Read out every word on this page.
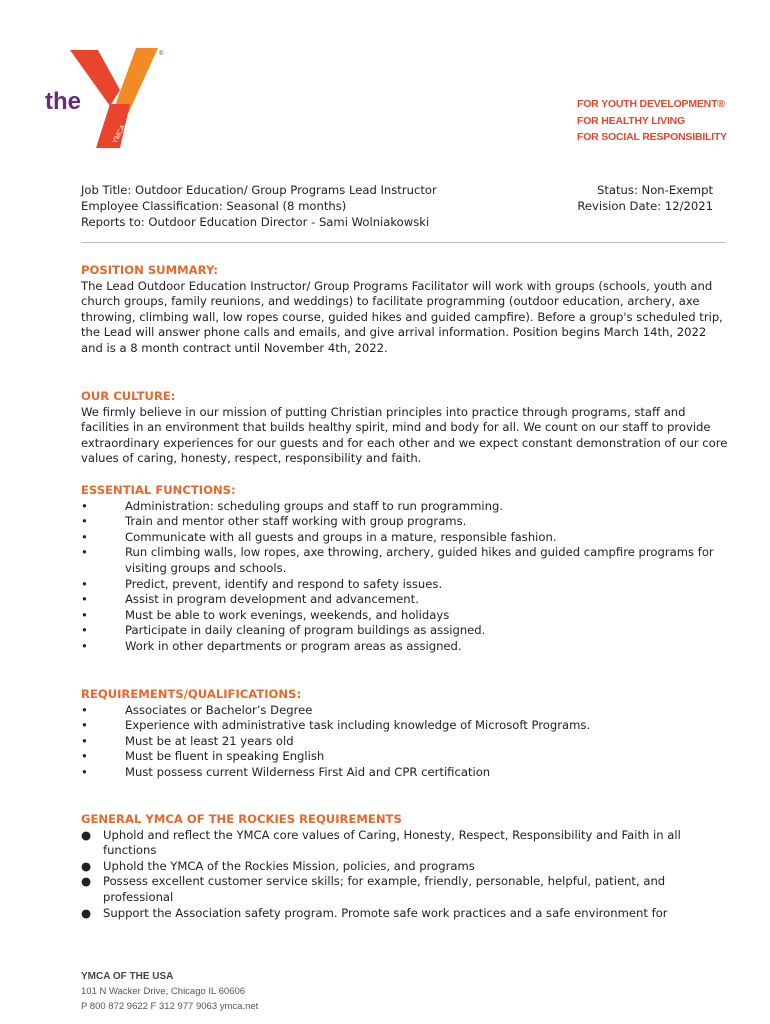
the
YMCA
®
FOR YOUTH DEVELOPMENT®
FOR HEALTHY LIVING
FOR SOCIAL RESPONSIBILITY
Job Title: Outdoor Education/ Group Programs Lead Instructor
Employee Classification: Seasonal (8 months)
Reports to: Outdoor Education Director - Sami Wolniakowski
Status: Non-Exempt
Revision Date: 12/2021
POSITION SUMMARY:

The Lead Outdoor Education Instructor/ Group Programs Facilitator will work with groups (schools, youth and church groups, family reunions, and weddings) to facilitate programming (outdoor education, archery, axe throwing, climbing wall, low ropes course, guided hikes and guided campfire). Before a group's scheduled trip, the Lead will answer phone calls and emails, and give arrival information. Position begins March 14th, 2022 and is a 8 month contract until November 4th, 2022.

OUR CULTURE:

We firmly believe in our mission of putting Christian principles into practice through programs, staff and facilities in an environment that builds healthy spirit, mind and body for all. We count on our staff to provide extraordinary experiences for our guests and for each other and we expect constant demonstration of our core values of caring, honesty, respect, responsibility and faith.

ESSENTIAL FUNCTIONS:
•	Administration: scheduling groups and staff to run programming.
•	Train and mentor other staff working with group programs.
•	Communicate with all guests and groups in a mature, responsible fashion.
•	Run climbing walls, low ropes, axe throwing, archery, guided hikes and guided campfire programs for visiting groups and schools.
•	Predict, prevent, identify and respond to safety issues.
•	Assist in program development and advancement.
•	Must be able to work evenings, weekends, and holidays
•	Participate in daily cleaning of program buildings as assigned.
•	Work in other departments or program areas as assigned.
REQUIREMENTS/QUALIFICATIONS:
•	Associates or Bachelor’s Degree
•	Experience with administrative task including knowledge of Microsoft Programs.
•	Must be at least 21 years old
•	Must be fluent in speaking English
•	Must possess current Wilderness First Aid and CPR certification
GENERAL YMCA OF THE ROCKIES REQUIREMENTS
● Uphold and reflect the YMCA core values of Caring, Honesty, Respect, Responsibility and Faith in all functions
● Uphold the YMCA of the Rockies Mission, policies, and programs
● Possess excellent customer service skills; for example, friendly, personable, helpful, patient, and professional
● Support the Association safety program. Promote safe work practices and a safe environment for
YMCA OF THE USA
101 N Wacker Drive, Chicago IL 60606
P 800 872 9622 F 312 977 9063 ymca.net
